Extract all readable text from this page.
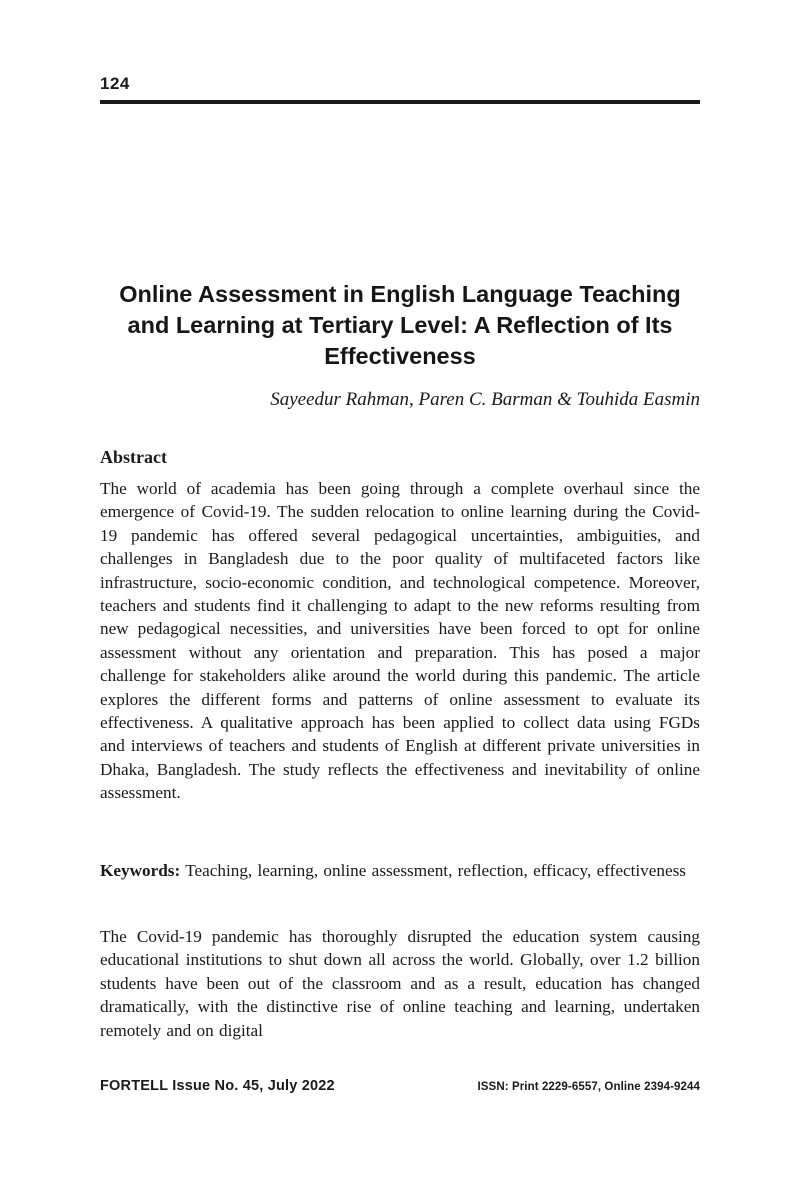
124
Online Assessment in English Language Teaching
and Learning at Tertiary Level: A Reflection of Its
Effectiveness
Sayeedur Rahman, Paren C. Barman & Touhida Easmin
Abstract

The world of academia has been going through a complete overhaul since the emergence of Covid-19. The sudden relocation to online learning during the Covid-19 pandemic has offered several pedagogical uncertainties, ambiguities, and challenges in Bangladesh due to the poor quality of multifaceted factors like infrastructure, socio-economic condition, and technological competence. Moreover, teachers and students find it challenging to adapt to the new reforms resulting from new pedagogical necessities, and universities have been forced to opt for online assessment without any orientation and preparation. This has posed a major challenge for stakeholders alike around the world during this pandemic. The article explores the different forms and patterns of online assessment to evaluate its effectiveness. A qualitative approach has been applied to collect data using FGDs and interviews of teachers and students of English at different private universities in Dhaka, Bangladesh. The study reflects the effectiveness and inevitability of online assessment.

Keywords: Teaching, learning, online assessment, reflection, efficacy, effectiveness

The Covid-19 pandemic has thoroughly disrupted the education system causing educational institutions to shut down all across the world. Globally, over 1.2 billion students have been out of the classroom and as a result, education has changed dramatically, with the distinctive rise of online teaching and learning, undertaken remotely and on digital

FORTELL Issue No. 45, July 2022	ISSN: Print 2229-6557, Online 2394-9244
